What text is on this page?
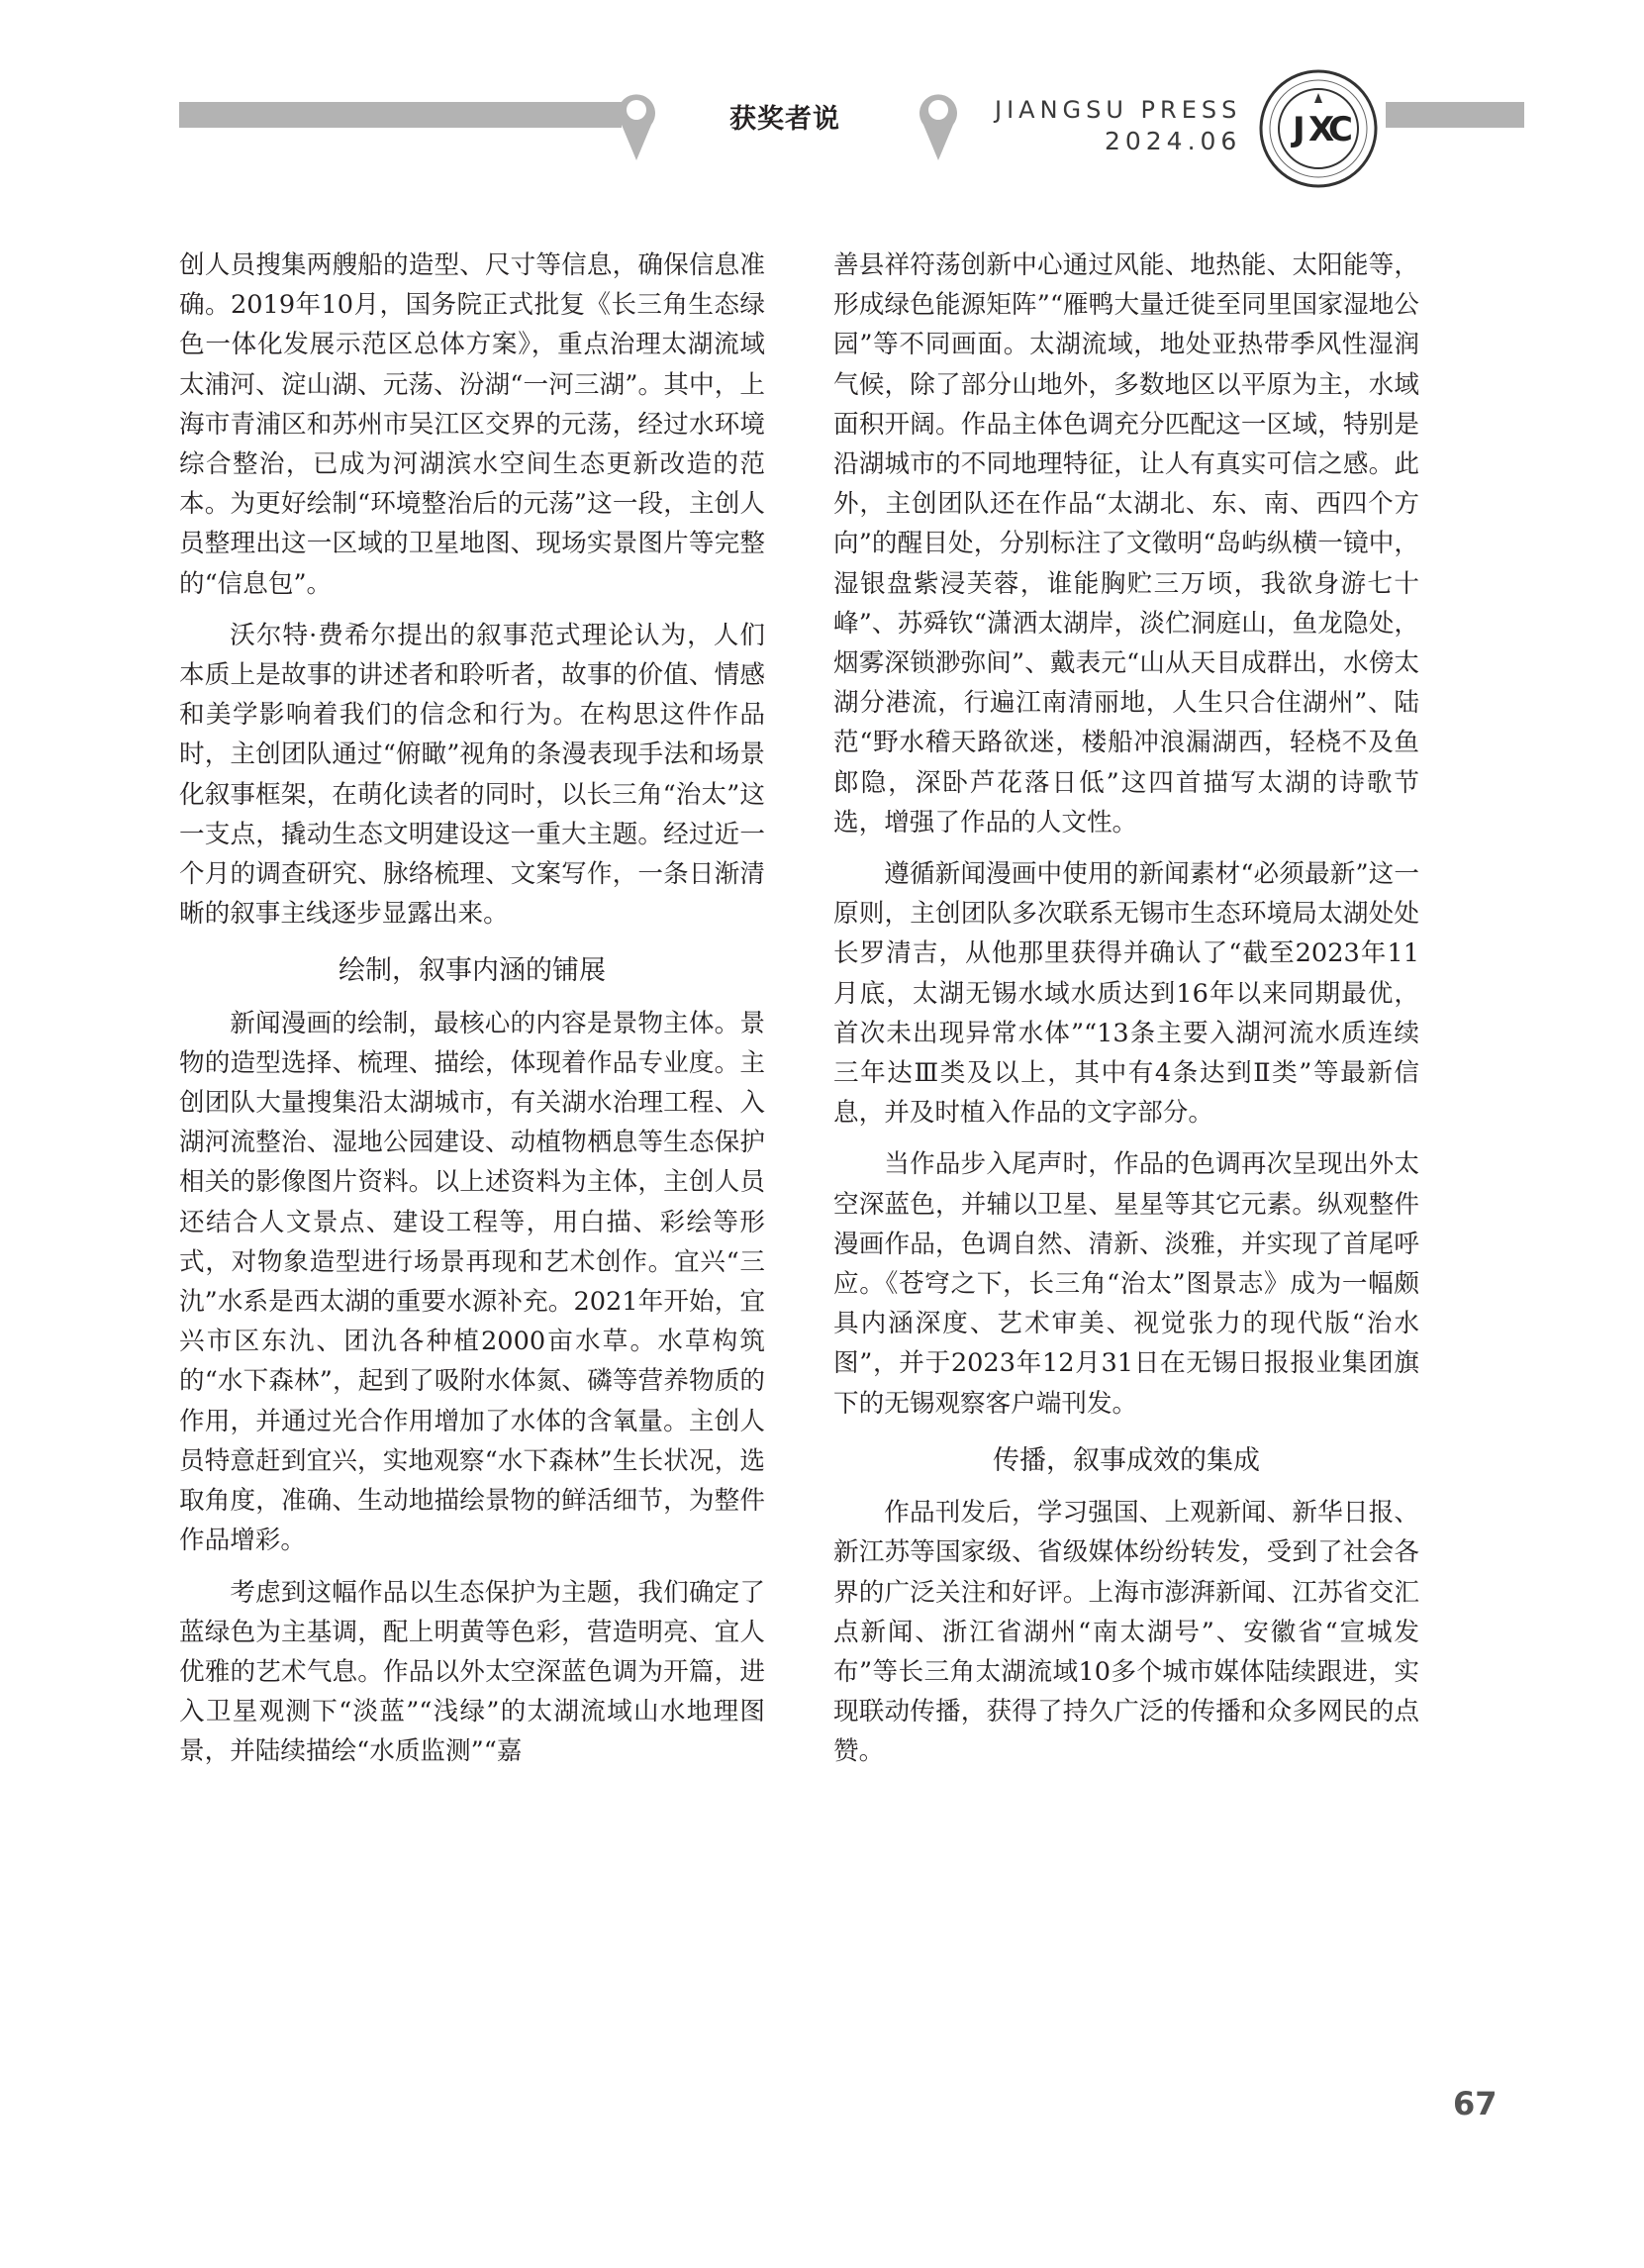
获奖者说	JIANGSU PRESS
2024.06 J X
C

创人员搜集两艘船的造型、尺寸等信息，确保信息准确。2019年10月，国务院正式批复《长三角生态绿色一体化发展示范区总体方案》，重点治理太湖流域太浦河、淀山湖、元荡、汾湖“一河三湖”。其中，上海市青浦区和苏州市吴江区交界的元荡，经过水环境综合整治，已成为河湖滨水空间生态更新改造的范本。为更好绘制“环境整治后的元荡”这一段，主创人员整理出这一区域的卫星地图、现场实景图片等完整的“信息包”。

沃尔特·费希尔提出的叙事范式理论认为，人们本质上是故事的讲述者和聆听者，故事的价值、情感和美学影响着我们的信念和行为。在构思这件作品时，主创团队通过“俯瞰”视角的条漫表现手法和场景化叙事框架，在萌化读者的同时，以长三角“治太”这一支点，撬动生态文明建设这一重大主题。经过近一个月的调查研究、脉络梳理、文案写作，一条日渐清晰的叙事主线逐步显露出来。

绘制，叙事内涵的铺展

新闻漫画的绘制，最核心的内容是景物主体。景物的造型选择、梳理、描绘，体现着作品专业度。主创团队大量搜集沿太湖城市，有关湖水治理工程、入湖河流整治、湿地公园建设、动植物栖息等生态保护相关的影像图片资料。以上述资料为主体，主创人员还结合人文景点、建设工程等，用白描、彩绘等形式，对物象造型进行场景再现和艺术创作。宜兴“三氿”水系是西太湖的重要水源补充。2021年开始，宜兴市区东氿、团氿各种植2000亩水草。水草构筑的“水下森林”，起到了吸附水体氮、磷等营养物质的作用，并通过光合作用增加了水体的含氧量。主创人员特意赶到宜兴，实地观察“水下森林”生长状况，选取角度，准确、生动地描绘景物的鲜活细节，为整件作品增彩。

考虑到这幅作品以生态保护为主题，我们确定了蓝绿色为主基调，配上明黄等色彩，营造明亮、宜人优雅的艺术气息。作品以外太空深蓝色调为开篇，进入卫星观测下“淡蓝”“浅绿”的太湖流域山水地理图景，并陆续描绘“水质监测”“嘉

善县祥符荡创新中心通过风能、地热能、太阳能等，形成绿色能源矩阵”“雁鸭大量迁徙至同里国家湿地公园”等不同画面。太湖流域，地处亚热带季风性湿润气候，除了部分山地外，多数地区以平原为主，水域面积开阔。作品主体色调充分匹配这一区域，特别是沿湖城市的不同地理特征，让人有真实可信之感。此外，主创团队还在作品“太湖北、东、南、西四个方向”的醒目处，分别标注了文徵明“岛屿纵横一镜中，湿银盘紫浸芙蓉，谁能胸贮三万顷，我欲身游七十峰”、苏舜钦“潇洒太湖岸，淡伫洞庭山，鱼龙隐处，烟雾深锁渺弥间”、戴表元“山从天目成群出，水傍太湖分港流，行遍江南清丽地，人生只合住湖州”、陆范“野水稽天路欲迷，楼船冲浪漏湖西，轻桡不及鱼郎隐，深卧芦花落日低”这四首描写太湖的诗歌节选，增强了作品的人文性。

遵循新闻漫画中使用的新闻素材“必须最新”这一原则，主创团队多次联系无锡市生态环境局太湖处处长罗清吉，从他那里获得并确认了“截至2023年11月底，太湖无锡水域水质达到16年以来同期最优，首次未出现异常水体”“13条主要入湖河流水质连续三年达Ⅲ类及以上，其中有4条达到Ⅱ类”等最新信息，并及时植入作品的文字部分。

当作品步入尾声时，作品的色调再次呈现出外太空深蓝色，并辅以卫星、星星等其它元素。纵观整件漫画作品，色调自然、清新、淡雅，并实现了首尾呼应。《苍穹之下，长三角“治太”图景志》成为一幅颇具内涵深度、艺术审美、视觉张力的现代版“治水图”，并于2023年12月31日在无锡日报报业集团旗下的无锡观察客户端刊发。

传播，叙事成效的集成

作品刊发后，学习强国、上观新闻、新华日报、新江苏等国家级、省级媒体纷纷转发，受到了社会各界的广泛关注和好评。上海市澎湃新闻、江苏省交汇点新闻、浙江省湖州“南太湖号”、安徽省“宣城发布”等长三角太湖流域10多个城市媒体陆续跟进，实现联动传播，获得了持久广泛的传播和众多网民的点赞。

67
